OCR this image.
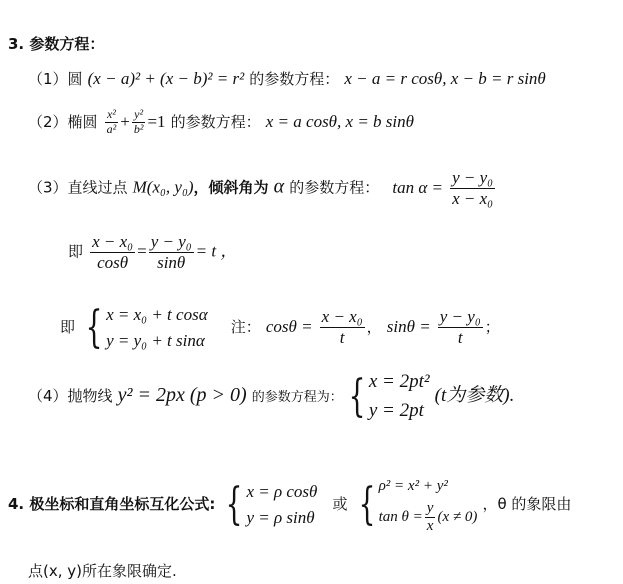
3. 参数方程：
（1）圆 (x − a)² + (x − b)² = r² 的参数方程： x − a = r cosθ, x − b = r sinθ
（2）椭圆 $\frac{\text{x²}}{\text{a²}} + \frac{\text{y²}}{\text{b²}} =1$ 的参数方程： x = a cosθ, x = b sinθ
（3）直线过点 M(x₀, y₀)，倾斜角为 α 的参数方程： $\tan \alpha = \frac{\text{y − y₀}}{\text{x − x₀}}$
即 $\frac{\text{x − x₀}}{\cos\theta} = \frac{\text{y − y₀}}{\sin\theta} = t$ ，
即 { x = x₀ + t cosα
y = y₀ + t sinα
注： $\cos\theta = \frac{\text{x − x₀}}{t}$ ， $\sin\theta = \frac{\text{y − y₀}}{t}$ ；
（4）抛物线 y² = 2px (p > 0) 的参数方程为： { x = 2pt²
y = 2pt
(t为参数).
4. 极坐标和直角坐标互化公式: { x = ρ cosθ
y = ρ sinθ
或 { ρ² = x² + y²
$\tan \theta = \frac{y}{x} (x \ne 0)$
，θ 的象限由
点(x, y)所在象限确定.
